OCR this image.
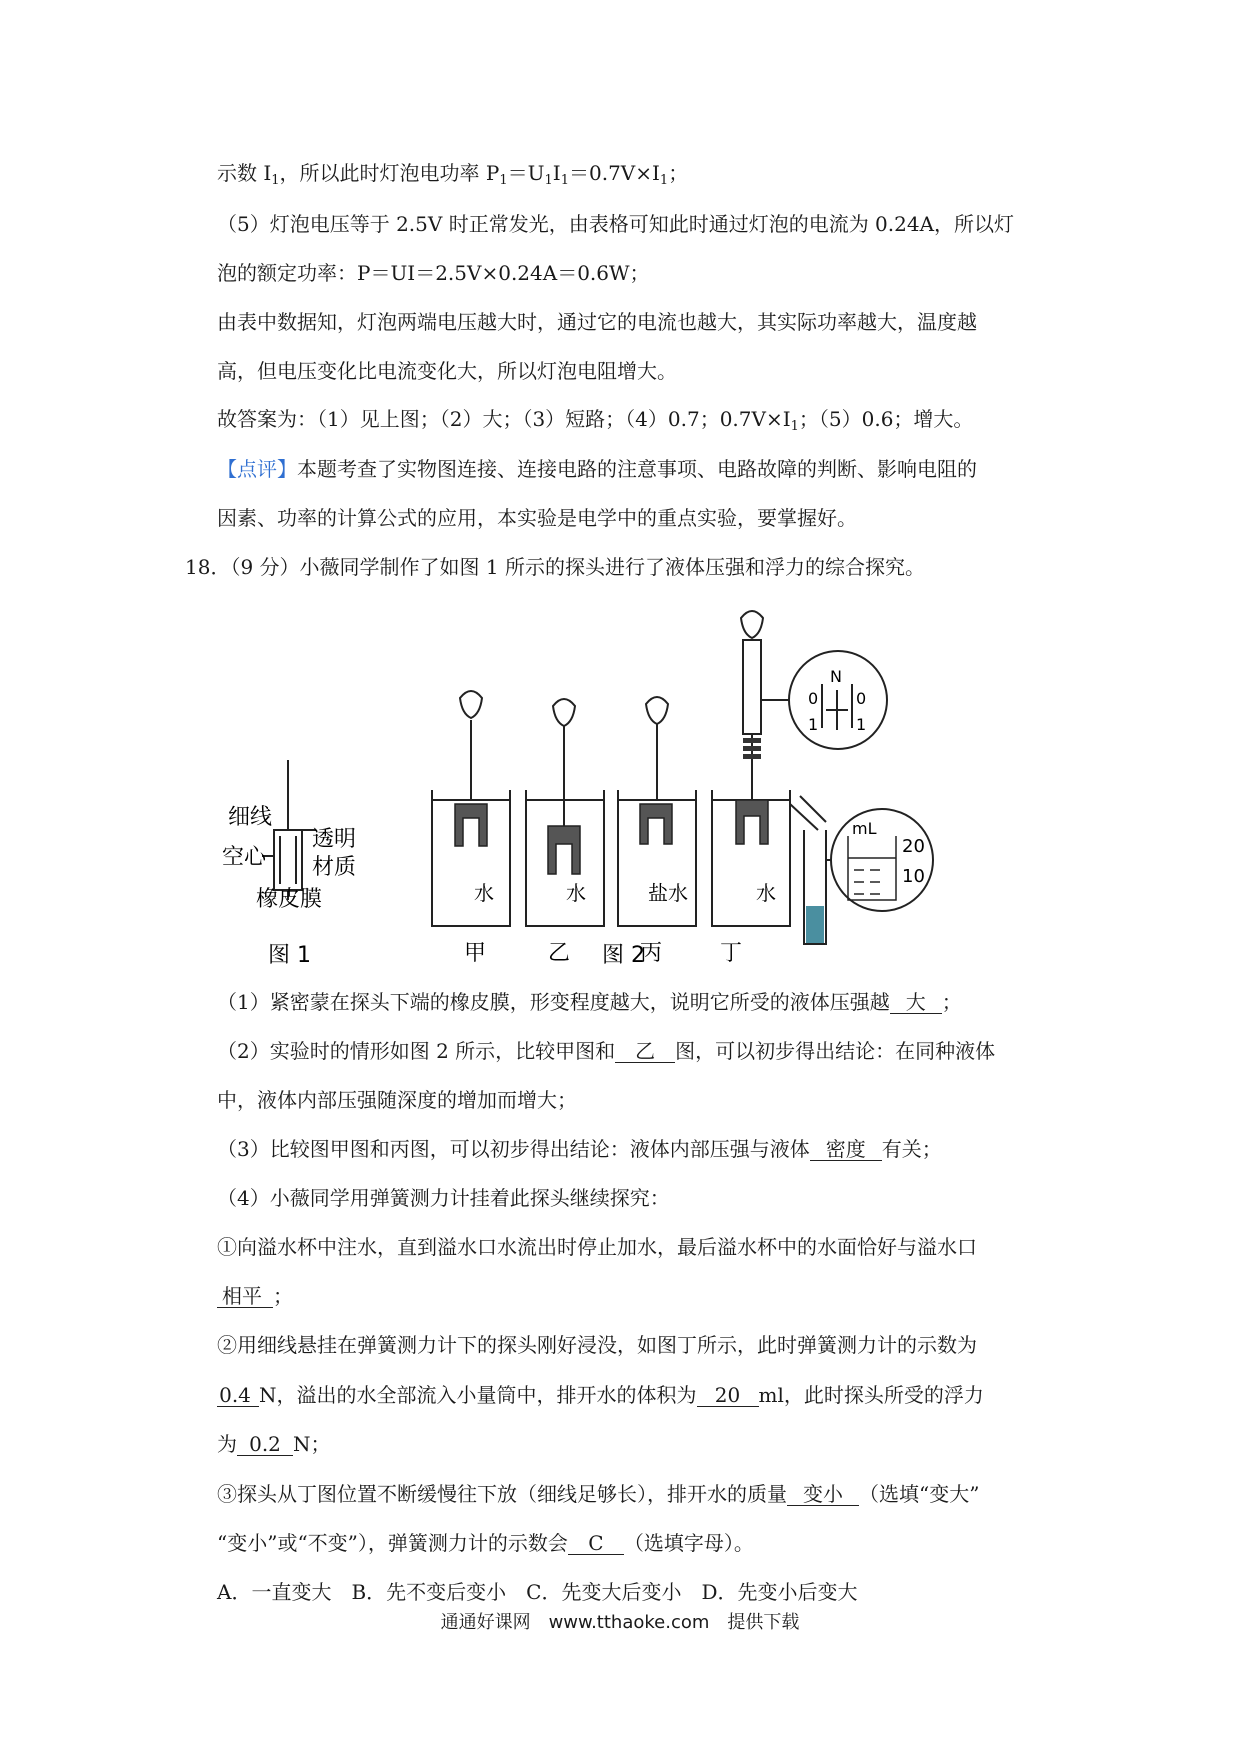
示数 $I_1$，所以此时灯泡电功率 $P_1=U_1I_1=0.7V\times I_1$；
（5）灯泡电压等于 2.5V 时正常发光，由表格可知此时通过灯泡的电流为 0.24A，所以灯
泡的额定功率：P＝UI＝2.5V×0.24A＝0.6W；
由表中数据知，灯泡两端电压越大时，通过它的电流也越大，其实际功率越大，温度越
高，但电压变化比电流变化大，所以灯泡电阻增大。
故答案为：（1）见上图；（2）大；（3）短路；（4）0.7；$0.7V\times I_1$；（5）0.6；增大。
【点评】本题考查了实物图连接、连接电路的注意事项、电路故障的判断、影响电阻的
因素、功率的计算公式的应用，本实验是电学中的重点实验，要掌握好。
18．（9 分）小薇同学制作了如图 1 所示的探头进行了液体压强和浮力的综合探究。
细线
空心
透明
材质
橡皮膜
图 1
水	水	盐水	水
甲	乙	丙	丁
图 2
N
0 0
1 1
mL
20
10
（1）紧密蒙在探头下端的橡皮膜，形变程度越大，说明它所受的液体压强越 大 ；
（2）实验时的情形如图 2 所示，比较甲图和 乙 图，可以初步得出结论：在同种液体
中，液体内部压强随深度的增加而增大；
（3）比较图甲图和丙图，可以初步得出结论：液体内部压强与液体 密度 有关；
（4）小薇同学用弹簧测力计挂着此探头继续探究：
①向溢水杯中注水，直到溢水口水流出时停止加水，最后溢水杯中的水面恰好与溢水口
相平 ；
②用细线悬挂在弹簧测力计下的探头刚好浸没，如图丁所示，此时弹簧测力计的示数为
0.4 N，溢出的水全部流入小量筒中，排开水的体积为 20 ml，此时探头所受的浮力
为 0.2 N；
③探头从丁图位置不断缓慢往下放（细线足够长），排开水的质量 变小 （选填“变大”
“变小”或“不变”），弹簧测力计的示数会 C （选填字母）。
A．一直变大　B．先不变后变小　C．先变大后变小　D．先变小后变大
通通好课网　www.tthaoke.com　提供下载
